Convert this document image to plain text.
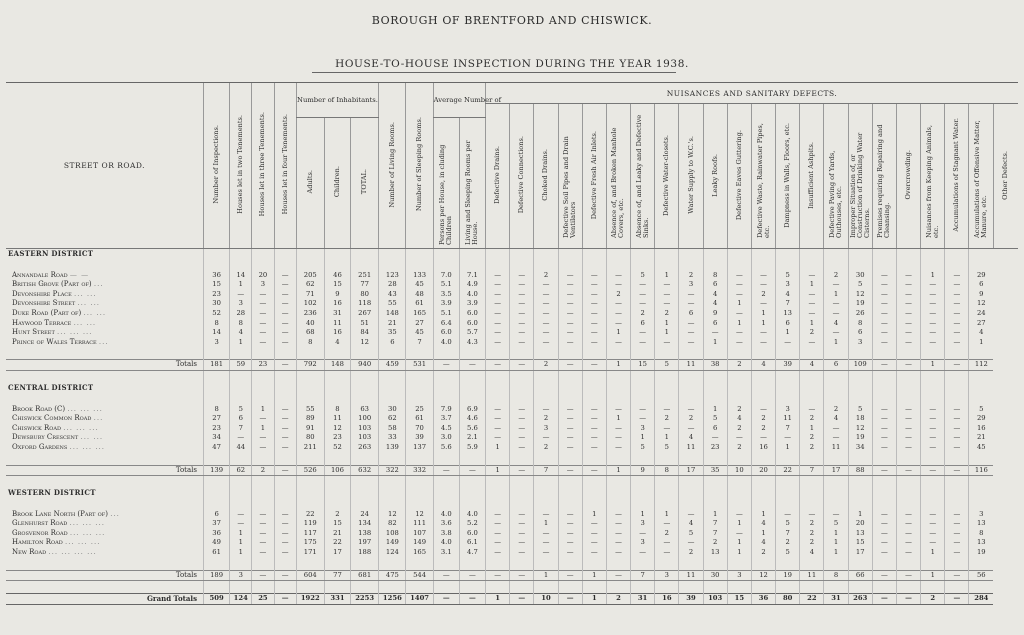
BOROUGH OF BRENTFORD AND CHISWICK.
HOUSE-TO-HOUSE INSPECTION DURING THE YEAR 1938.
STREET OR ROAD.	Number of Inspections.	Houses let in two Tenements.	Houses let in three Tenements.	Houses let in four Tenements.	Number of Inhabitants.			Number of Living Rooms.	Number of Sleeping Rooms.	Average Number of		NUISANCES AND SANITARY DEFECTS.																					
												Defective Drains.	Defective Connections.	Choked Drains.	Defective Soil Pipes and Drain Ventilators	Defective Fresh Air Inlets.	Absence of, and Broken Manhole Covers, etc.	Absence of, and Leaky and Defective Sinks.	Defective Water-closets.	Water Supply to W.C.'s.	Leaky Roofs.	Defective Eaves Guttering.	Defective Waste, Rainwater Pipes, etc.	Dampness in Walls, Floors, etc.	Insufficient Ashpits.	Defective Paving of Yards, Outhouses, etc.	Improper Situation of, or Construction of Drinking Water Cisterns.	Premises requiring Repairing and Cleansing.	Overcrowding.	Nuisances from Keeping Animals, etc.	Accumulations of Stagnant Water.	Accumulations of Offensive Matter, Manure, etc.	Other Defects.
					Adults.	Children.	TOTAL.			Persons per House, in cluding Children	Living and Sleeping Rooms per House.																						
EASTERN DISTRICT																																	

Annandale Road — —	36	14	20	—	205	46	251	123	133	7.0	7.1	—	—	2	—	—	—	5	1	2	8	—	—	5	—	2	30	—	—	1	—	29	
British Grove (Part of) ...	15	1	3	—	62	15	77	28	45	5.1	4.9	—	—	—	—	—	—	—	—	3	6	—	—	3	1	—	5	—	—	—	—	6	
Devonshire Place ... ...	23	—	—	—	71	9	80	43	48	3.5	4.0	—	—	—	—	—	2	—	—	—	4	—	2	4	—	1	12	—	—	—	—	9	
Devonshire Street ... ...	30	3	—	—	102	16	118	55	61	3.9	3.9	—	—	—	—	—	—	—	—	—	4	1	—	7	—	—	19	—	—	—	—	12	
Duke Road (Part of) ... ...	52	28	—	—	236	31	267	148	165	5.1	6.0	—	—	—	—	—	—	2	2	6	9	—	1	13	—	—	26	—	—	—	—	24	
Haywood Terrace ... ...	8	8	—	—	40	11	51	21	27	6.4	6.0	—	—	—	—	—	—	6	1	—	6	1	1	6	1	4	8	—	—	—	—	27	
Hunt Street ... ... ...	14	4	—	—	68	16	84	35	45	6.0	5.7	—	—	—	—	—	1	—	1	—	—	—	—	1	2	—	6	—	—	—	—	4	
Prince of Wales Terrace ...	3	1	—	—	8	4	12	6	7	4.0	4.3	—	—	—	—	—	—	—	—	—	1	—	—	—	—	1	3	—	—	—	—	1	

Totals	181	59	23	—	792	148	940	459	531	—	—	—	—	2	—	—	1	15	5	11	38	2	4	39	4	6	109	—	—	1	—	112	

CENTRAL DISTRICT																																	

Brook Road (C) ... ... ...	8	5	1	—	55	8	63	30	25	7.9	6.9	—	—	—	—	—	—	—	—	—	1	2	—	3	—	2	5	—	—	—	—	5	
Chiswick Common Road ...	27	6	—	—	89	11	100	62	61	3.7	4.6	—	—	2	—	—	1	—	2	2	5	4	2	11	2	4	18	—	—	—	—	29	
Chiswick Road ... ... ...	23	7	1	—	91	12	103	58	70	4.5	5.6	—	—	3	—	—	—	3	—	—	6	2	2	7	1	—	12	—	—	—	—	16	
Dewsbury Crescent ... ...	34	—	—	—	80	23	103	33	39	3.0	2.1	—	—	—	—	—	—	1	1	4	—	—	—	—	2	—	19	—	—	—	—	21	
Oxford Gardens ... ... ...	47	44	—	—	211	52	263	139	137	5.6	5.9	1	—	2	—	—	—	5	5	11	23	2	16	1	2	11	34	—	—	—	—	45	

Totals	139	62	2	—	526	106	632	322	332	—	—	1	—	7	—	—	1	9	8	17	35	10	20	22	7	17	88	—	—	—	—	116	

WESTERN DISTRICT																																	

Brook Lane North (Part of) ...	6	—	—	—	22	2	24	12	12	4.0	4.0	—	—	—	—	1	—	1	1	—	1	—	1	—	—	—	1	—	—	—	—	3	
Glenhurst Road ... ... ...	37	—	—	—	119	15	134	82	111	3.6	5.2	—	—	1	—	—	—	3	—	4	7	1	4	5	2	5	20	—	—	—	—	13	
Grosvenor Road ... ... ...	36	1	—	—	117	21	138	108	107	3.8	6.0	—	—	—	—	—	—	—	2	5	7	—	1	7	2	1	13	—	—	—	—	8	
Hamilton Road ... ... ...	49	1	—	—	175	22	197	149	149	4.0	6.1	—	—	—	—	—	—	3	—	—	2	1	4	2	2	1	15	—	—	—	—	13	
New Road ... ... ... ...	61	1	—	—	171	17	188	124	165	3.1	4.7	—	—	—	—	—	—	—	—	2	13	1	2	5	4	1	17	—	—	1	—	19	

Totals	189	3	—	—	604	77	681	475	544	—	—	—	—	1	—	1	—	7	3	11	30	3	12	19	11	8	66	—	—	1	—	56	

Grand Totals	509	124	25	—	1922	331	2253	1256	1407	—	—	1	—	10	—	1	2	31	16	39	103	15	36	80	22	31	263	—	—	2	—	284	
